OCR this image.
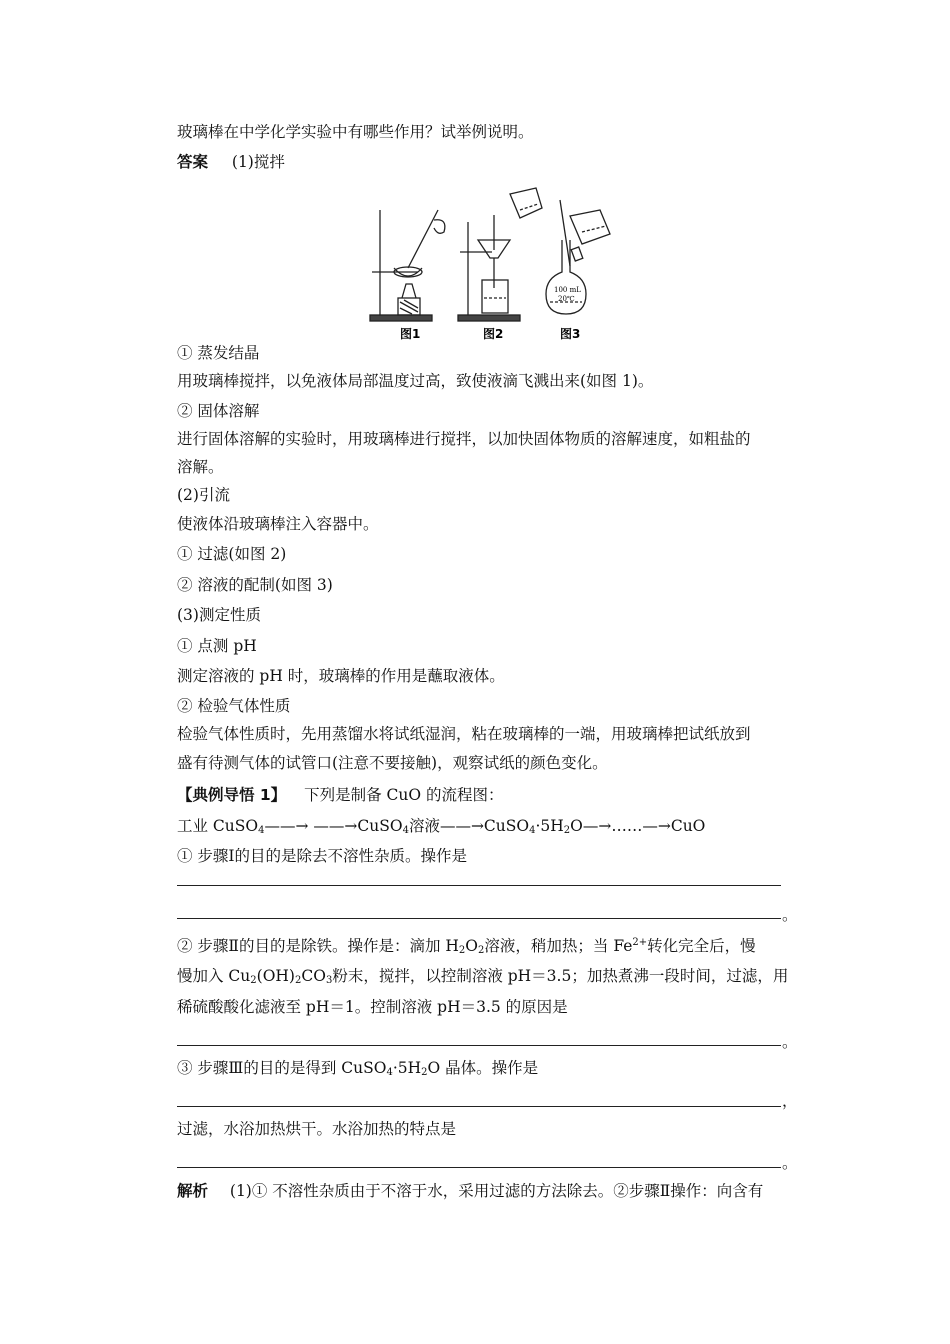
玻璃棒在中学化学实验中有哪些作用？试举例说明。
答案 (1)搅拌
100 mL
20℃
图1	图2	图3
① 蒸发结晶
用玻璃棒搅拌，以免液体局部温度过高，致使液滴飞溅出来(如图 1)。
② 固体溶解
进行固体溶解的实验时，用玻璃棒进行搅拌，以加快固体物质的溶解速度，如粗盐的
溶解。
(2)引流
使液体沿玻璃棒注入容器中。
① 过滤(如图 2)
② 溶液的配制(如图 3)
(3)测定性质
① 点测 pH
测定溶液的 pH 时，玻璃棒的作用是蘸取液体。
② 检验气体性质
检验气体性质时，先用蒸馏水将试纸湿润，粘在玻璃棒的一端，用玻璃棒把试纸放到
盛有待测气体的试管口(注意不要接触)，观察试纸的颜色变化。
【典例导悟 1】 下列是制备 CuO 的流程图：
工业 CuSO$_4$——→ ——→CuSO$_4$溶液$——\to CuSO_4\cdot 5H_2O—\to\dots\dots—\to CuO$
① 步骤Ⅰ的目的是除去不溶性杂质。操作是
。
② 步骤Ⅱ的目的是除铁。操作是：滴加 $H_2O_2$溶液，稍加热；当 $Fe^{2+}$转化完全后，慢
慢加入 $Cu_2(OH)_2CO_3$粉末，搅拌，以控制溶液 pH＝3.5；加热煮沸一段时间，过滤，用
稀硫酸酸化滤液至 pH＝1。控制溶液 pH＝3.5 的原因是
。
③ 步骤Ⅲ的目的是得到 $CuSO_4\cdot 5H_2O$ 晶体。操作是
，
过滤，水浴加热烘干。水浴加热的特点是
。
解析 (1)① 不溶性杂质由于不溶于水，采用过滤的方法除去。②步骤Ⅱ操作：向含有
